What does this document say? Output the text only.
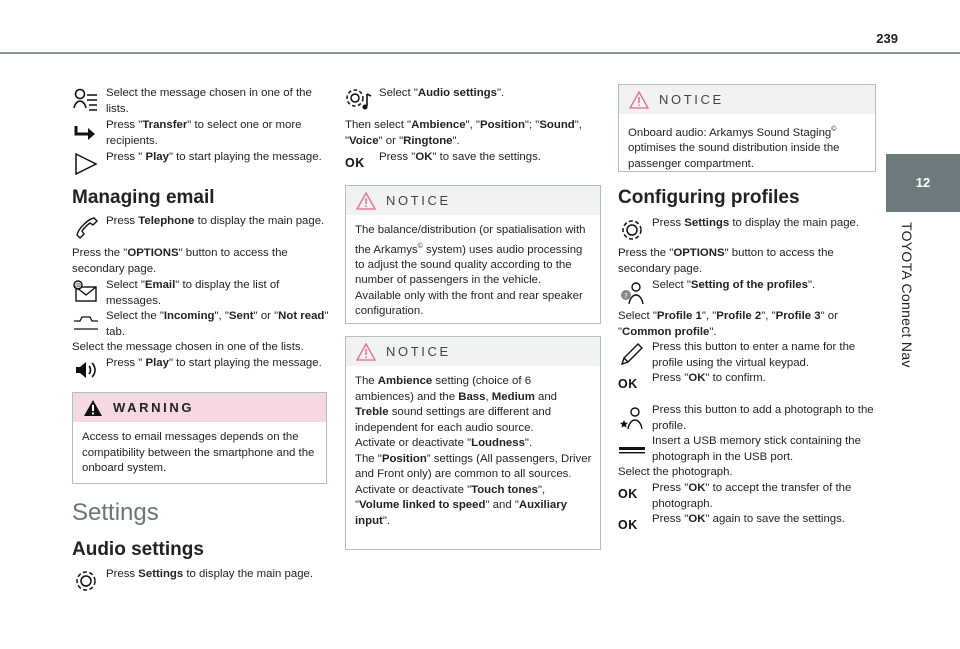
239
12
TOYOTA Connect Nav
Select the message chosen in one of the lists.
Press "Transfer" to select one or more recipients.
Press " Play" to start playing the message.
Managing email
Press Telephone to display the main page.
Press the "OPTIONS" button to access the secondary page.
@ Select "Email" to display the list of messages.
Select the "Incoming", "Sent" or "Not read" tab.
Select the message chosen in one of the lists.
Press " Play" to start playing the message.
WARNING
Access to email messages depends on the compatibility between the smartphone and the onboard system.
Settings
Audio settings
Press Settings to display the main page.
Select "Audio settings".
Then select "Ambience", "Position"; "Sound", "Voice" or "Ringtone".
OK	Press "OK" to save the settings.
NOTICE
The balance/distribution (or spatialisation with the Arkamys© system) uses audio processing to adjust the sound quality according to the number of passengers in the vehicle.
Available only with the front and rear speaker configuration.
NOTICE
The Ambience setting (choice of 6 ambiences) and the Bass, Medium and Treble sound settings are different and independent for each audio source.
Activate or deactivate "Loudness".
The "Position” settings (All passengers, Driver and Front only) are common to all sources.
Activate or deactivate "Touch tones", "Volume linked to speed" and "Auxiliary input".
NOTICE
Onboard audio: Arkamys Sound Staging© optimises the sound distribution inside the passenger compartment.
Configuring profiles
Press Settings to display the main page.
Press the "OPTIONS" button to access the secondary page.
?
Select "Setting of the profiles".
Select "Profile 1", "Profile 2", "Profile 3" or "Common profile".
Press this button to enter a name for the profile using the virtual keypad.
OK	Press "OK" to confirm.
Press this button to add a photograph to the profile.
Insert a USB memory stick containing the photograph in the USB port.
Select the photograph.
OK	Press "OK" to accept the transfer of the photograph.
OK	Press "OK" again to save the settings.
